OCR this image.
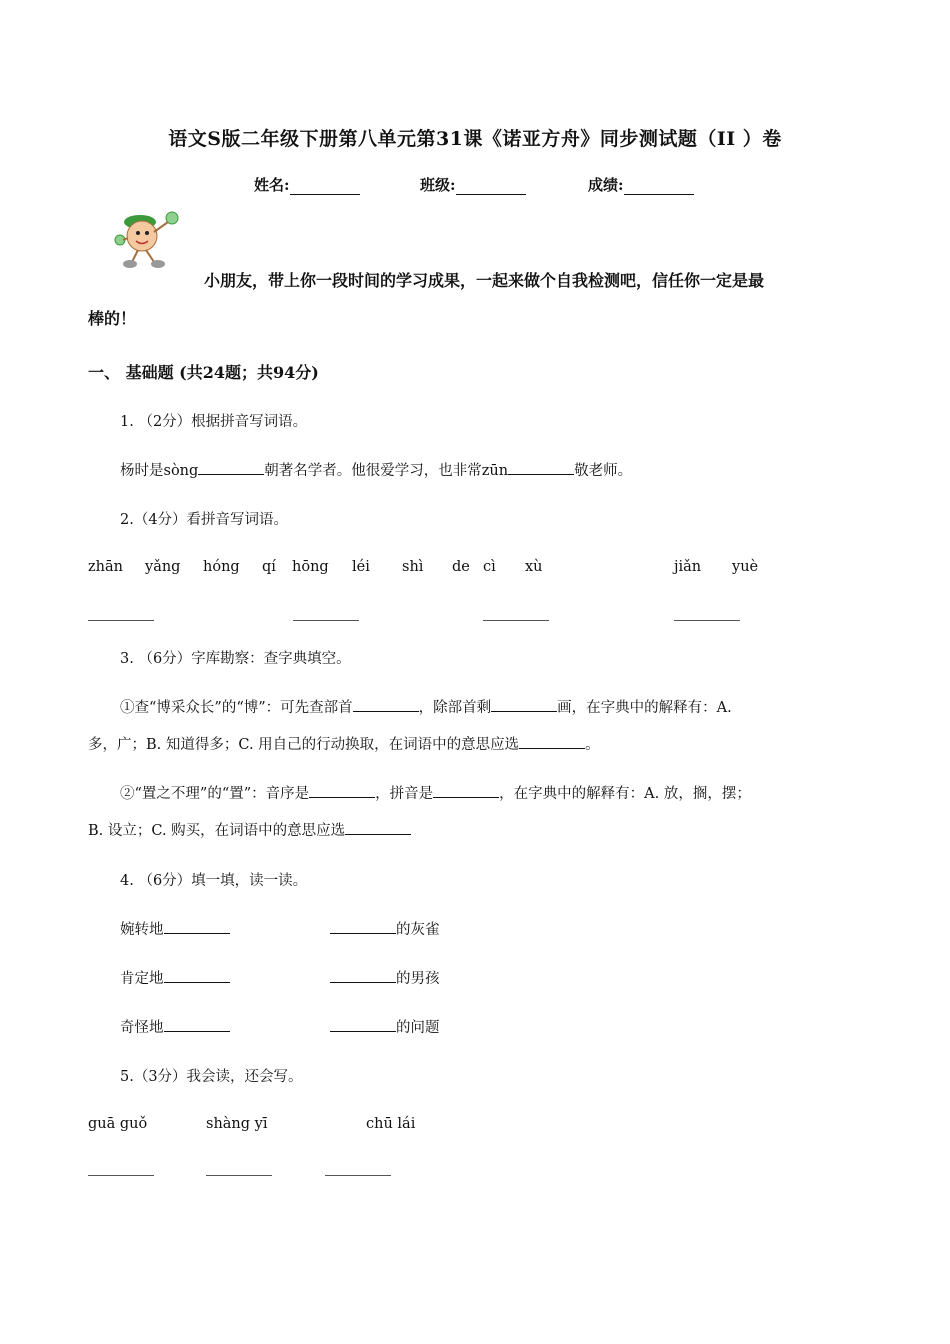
语文S版二年级下册第八单元第31课《诺亚方舟》同步测试题（II ）卷
姓名:	班级:	成绩:
小朋友，带上你一段时间的学习成果，一起来做个自我检测吧，信任你一定是最
棒的！
一、 基础题 (共24题；共94分)
1. （2分）根据拼音写词语。
杨时是sòng	朝著名学者。他很爱学习，也非常zūn	敬老师。
2.（4分）看拼音写词语。
zhān yǎng hóng qí hōng léi shì de cì xù	jiǎn yuè
3. （6分）字库勘察：查字典填空。
①查“博采众长”的“博”：可先查部首	，除部首剩	画，在字典中的解释有：A.
多，广；B. 知道得多；C. 用自己的行动换取，在词语中的意思应选	。
②“置之不理”的“置”：音序是	，拼音是	，在字典中的解释有：A. 放，搁，摆；
B. 设立；C. 购买，在词语中的意思应选
4. （6分）填一填，读一读。
婉转地	的灰雀
肯定地	的男孩
奇怪地	的问题
5.（3分）我会读，还会写。
guā guǒ	shàng yī	chū lái
